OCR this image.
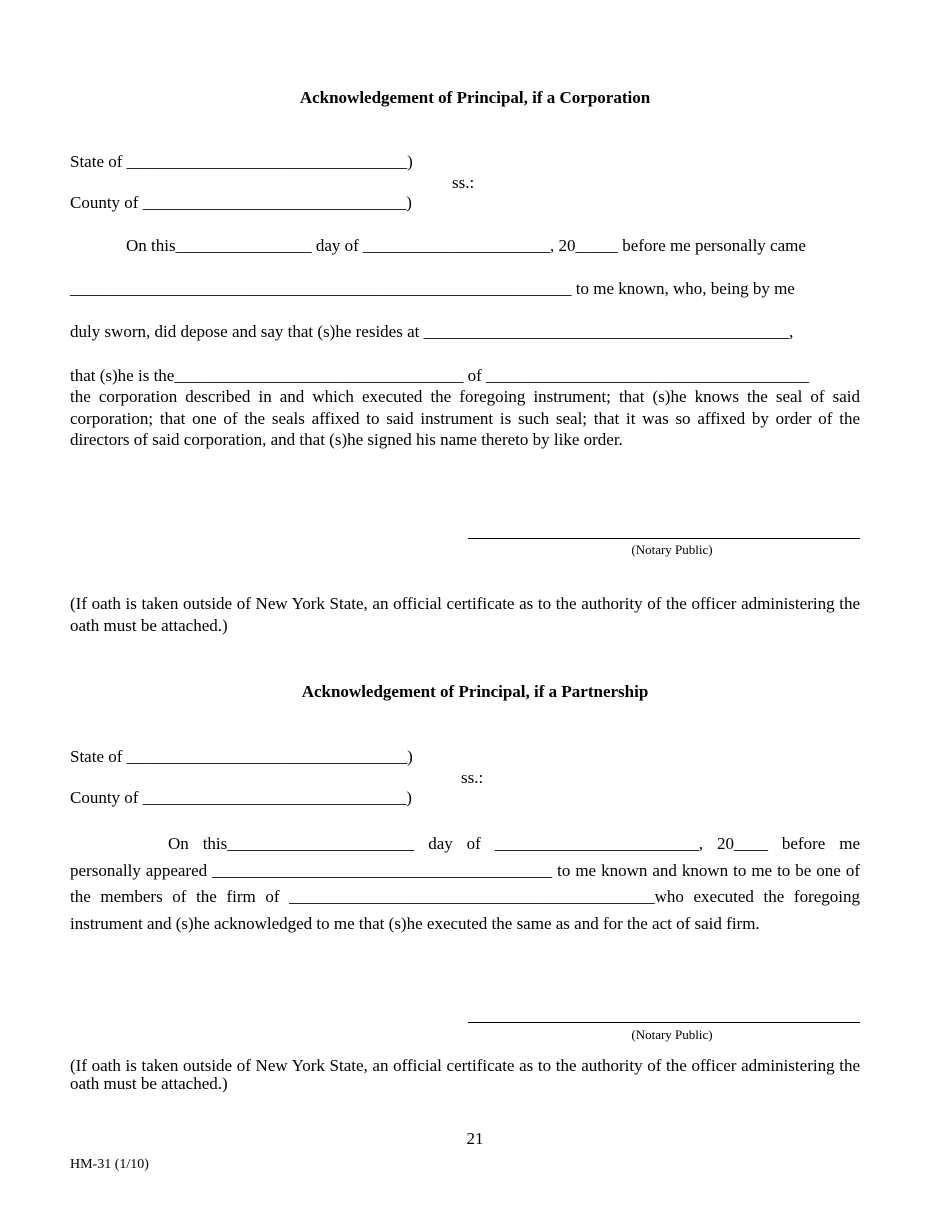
Acknowledgement of Principal, if a Corporation
State of _________________________________)
ss.:
County of _______________________________)
On this________________ day of ______________________, 20_____ before me personally came
___________________________________________________________ to me known, who, being by me
duly sworn, did depose and say that (s)he resides at ___________________________________________,
that (s)he is the__________________________________ of ______________________________________
the corporation described in and which executed the foregoing instrument; that (s)he knows the seal of said corporation; that one of the seals affixed to said instrument is such seal; that it was so affixed by order of the directors of said corporation, and that (s)he signed his name thereto by like order.
(Notary Public)
(If oath is taken outside of New York State, an official certificate as to the authority of the officer administering the oath must be attached.)
Acknowledgement of Principal, if a Partnership
State of _________________________________)
ss.:
County of _______________________________)
On this______________________ day of ________________________, 20____ before me personally appeared ________________________________________ to me known and known to me to be one of the members of the firm of ___________________________________________who executed the foregoing instrument and (s)he acknowledged to me that (s)he executed the same as and for the act of said firm.
(Notary Public)
(If oath is taken outside of New York State, an official certificate as to the authority of the officer administering the oath must be attached.)
21
HM-31 (1/10)
